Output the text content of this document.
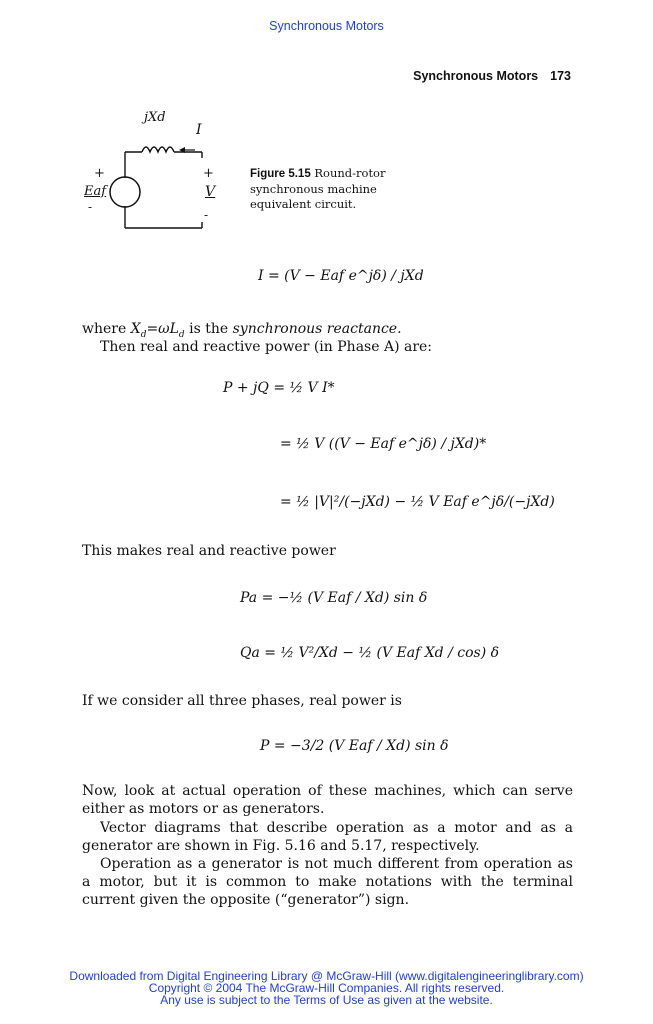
Synchronous Motors
Synchronous Motors 173
jXd
I
+	+
Eaf	V
-
-
Figure 5.15 Round-rotor synchronous machine equivalent circuit.
I = (V − Eaf e^jδ) / jXd
where $X_d=\omega L_d$ is the synchronous reactance.
Then real and reactive power (in Phase A) are:
P + jQ = ½ V I*
= ½ V ((V − Eaf e^jδ) / jXd)*
= ½ |V|²/(−jXd) − ½ V Eaf e^jδ/(−jXd)
This makes real and reactive power
Pa = −½ (V Eaf / Xd) sin δ
Qa = ½ V²/Xd − ½ (V Eaf Xd / cos) δ
If we consider all three phases, real power is
P = −3/2 (V Eaf / Xd) sin δ
Now, look at actual operation of these machines, which can serve either as motors or as generators.
Vector diagrams that describe operation as a motor and as a generator are shown in Fig. 5.16 and 5.17, respectively.
Operation as a generator is not much different from operation as a motor, but it is common to make notations with the terminal current given the opposite (“generator”) sign.
Downloaded from Digital Engineering Library @ McGraw-Hill (www.digitalengineeringlibrary.com)
Copyright © 2004 The McGraw-Hill Companies. All rights reserved.
Any use is subject to the Terms of Use as given at the website.
